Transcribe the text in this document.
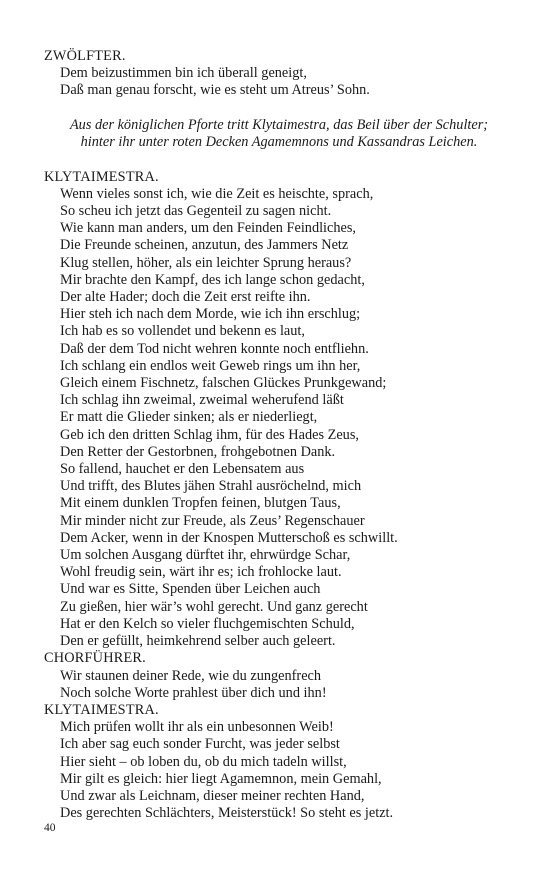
ZWÖLFTER.
Dem beizustimmen bin ich überall geneigt,
Daß man genau forscht, wie es steht um Atreus’ Sohn.
Aus der königlichen Pforte tritt Klytaimestra, das Beil über der Schulter;
hinter ihr unter roten Decken Agamemnons und Kassandras Leichen.
KLYTAIMESTRA.
Wenn vieles sonst ich, wie die Zeit es heischte, sprach,
So scheu ich jetzt das Gegenteil zu sagen nicht.
Wie kann man anders, um den Feinden Feindliches,
Die Freunde scheinen, anzutun, des Jammers Netz
Klug stellen, höher, als ein leichter Sprung heraus?
Mir brachte den Kampf, des ich lange schon gedacht,
Der alte Hader; doch die Zeit erst reifte ihn.
Hier steh ich nach dem Morde, wie ich ihn erschlug;
Ich hab es so vollendet und bekenn es laut,
Daß der dem Tod nicht wehren konnte noch entfliehn.
Ich schlang ein endlos weit Geweb rings um ihn her,
Gleich einem Fischnetz, falschen Glückes Prunkgewand;
Ich schlag ihn zweimal, zweimal weherufend läßt
Er matt die Glieder sinken; als er niederliegt,
Geb ich den dritten Schlag ihm, für des Hades Zeus,
Den Retter der Gestorbnen, frohgebotnen Dank.
So fallend, hauchet er den Lebensatem aus
Und trifft, des Blutes jähen Strahl ausröchelnd, mich
Mit einem dunklen Tropfen feinen, blutgen Taus,
Mir minder nicht zur Freude, als Zeus’ Regenschauer
Dem Acker, wenn in der Knospen Mutterschoß es schwillt.
Um solchen Ausgang dürftet ihr, ehrwürdge Schar,
Wohl freudig sein, wärt ihr es; ich frohlocke laut.
Und war es Sitte, Spenden über Leichen auch
Zu gießen, hier wär’s wohl gerecht. Und ganz gerecht
Hat er den Kelch so vieler fluchgemischten Schuld,
Den er gefüllt, heimkehrend selber auch geleert.
CHORFÜHRER.
Wir staunen deiner Rede, wie du zungenfrech
Noch solche Worte prahlest über dich und ihn!
KLYTAIMESTRA.
Mich prüfen wollt ihr als ein unbesonnen Weib!
Ich aber sag euch sonder Furcht, was jeder selbst
Hier sieht – ob loben du, ob du mich tadeln willst,
Mir gilt es gleich: hier liegt Agamemnon, mein Gemahl,
Und zwar als Leichnam, dieser meiner rechten Hand,
Des gerechten Schlächters, Meisterstück! So steht es jetzt.
40
